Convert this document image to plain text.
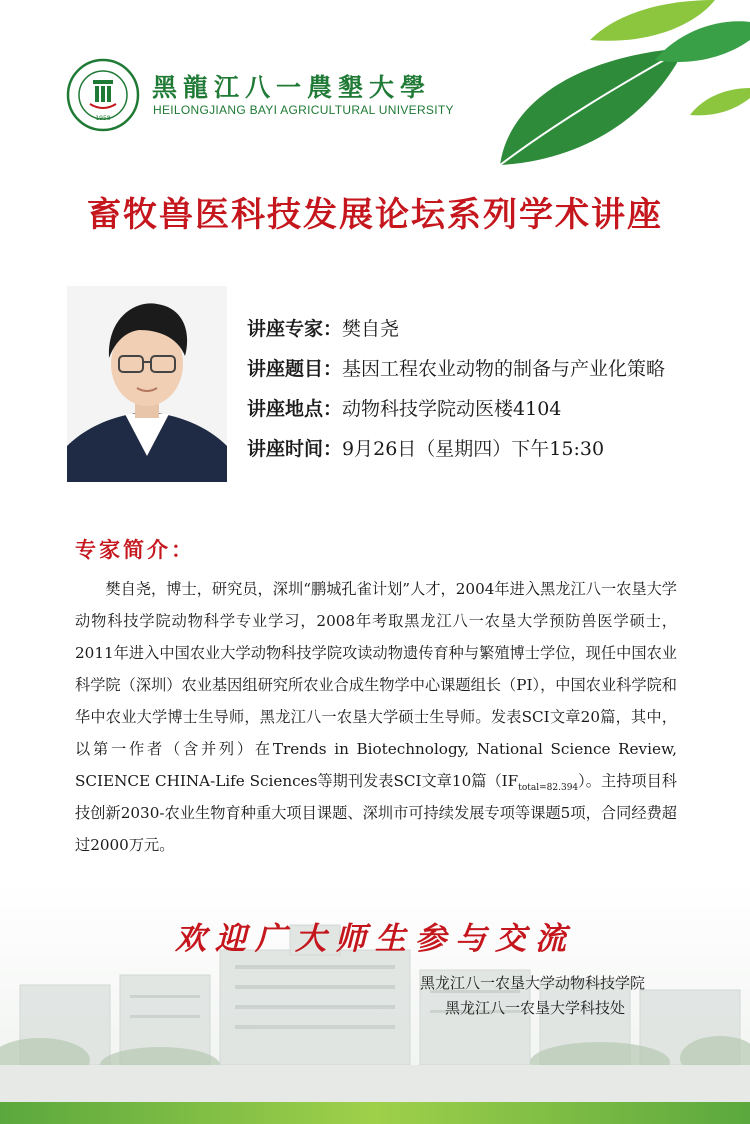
1958
黑龍江八一農墾大學
HEILONGJIANG BAYI AGRICULTURAL UNIVERSITY
畜牧兽医科技发展论坛系列学术讲座
讲座专家：樊自尧
讲座题目：基因工程农业动物的制备与产业化策略
讲座地点：动物科技学院动医楼4104
讲座时间：9月26日（星期四）下午15:30
专家简介：
樊自尧，博士，研究员，深圳“鹏城孔雀计划”人才，2004年进入黑龙江八一农垦大学动物科技学院动物科学专业学习，2008年考取黑龙江八一农垦大学预防兽医学硕士，2011年进入中国农业大学动物科技学院攻读动物遗传育种与繁殖博士学位，现任中国农业科学院（深圳）农业基因组研究所农业合成生物学中心课题组长（PI），中国农业科学院和华中农业大学博士生导师，黑龙江八一农垦大学硕士生导师。发表SCI文章20篇，其中，以第一作者（含并列）在Trends in Biotechnology, National Science Review, SCIENCE CHINA-Life Sciences等期刊发表SCI文章10篇$(IF_{total=82.394})$。主持项目科技创新2030-农业生物育种重大项目课题、深圳市可持续发展专项等课题5项，合同经费超过2000万元。
欢迎广大师生参与交流
黑龙江八一农垦大学动物科技学院
黑龙江八一农垦大学科技处
